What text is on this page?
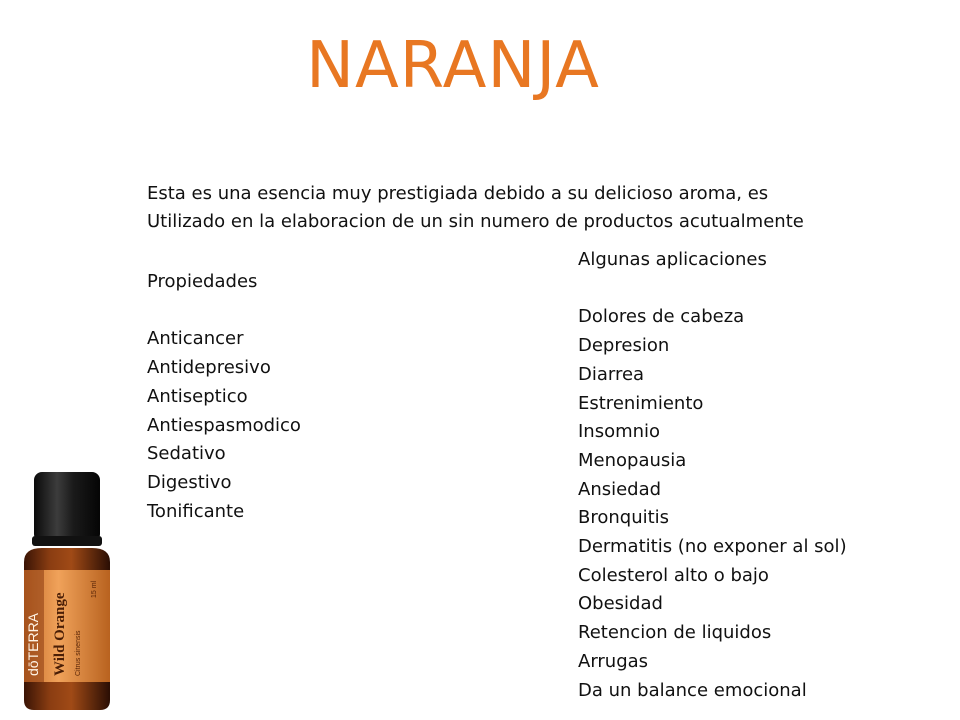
NARANJA
Esta es una esencia muy prestigiada debido a su delicioso aroma, es
Utilizado en la elaboracion de un sin numero de productos acutualmente
Propiedades
Anticancer
Antidepresivo
Antiseptico
Antiespasmodico
Sedativo
Digestivo
Tonificante
Algunas aplicaciones
Dolores de cabeza
Depresion
Diarrea
Estrenimiento
Insomnio
Menopausia
Ansiedad
Bronquitis
Dermatitis (no exponer al sol)
Colesterol alto o bajo
Obesidad
Retencion de liquidos
Arrugas
Da un balance emocional
dōTERRA Wild Orange Citrus sinensis
15 ml
